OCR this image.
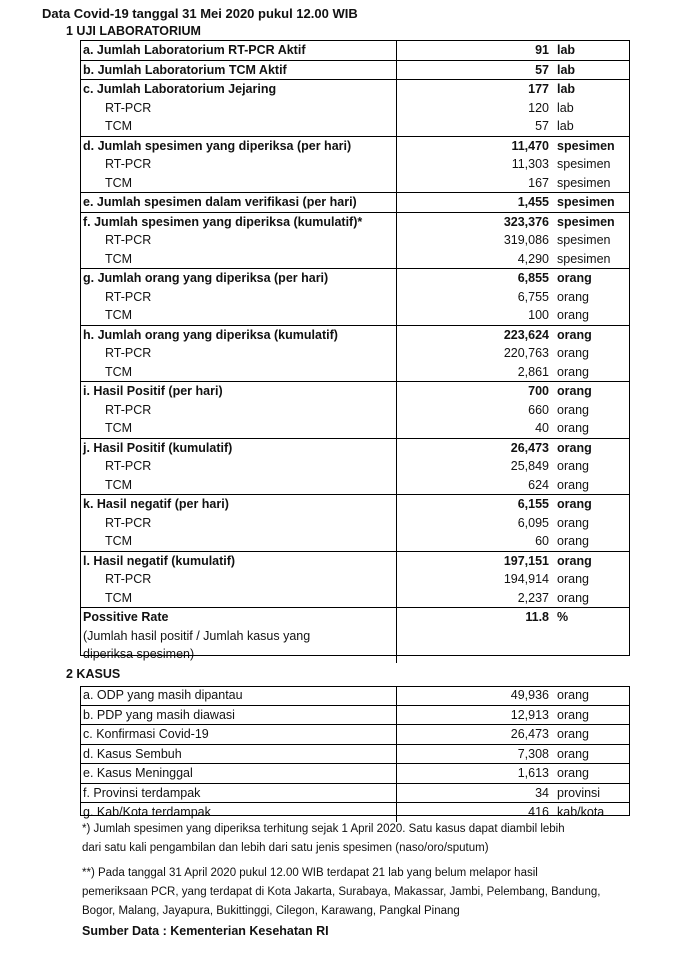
Data Covid-19 tanggal 31 Mei 2020 pukul 12.00 WIB
1 UJI LABORATORIUM
a. Jumlah Laboratorium RT-PCR Aktif	91	lab
b. Jumlah Laboratorium TCM Aktif	57	lab
c. Jumlah Laboratorium Jejaring	177	lab
RT-PCR	120	lab
TCM	57	lab
d. Jumlah spesimen yang diperiksa (per hari)	11,470	spesimen
RT-PCR	11,303	spesimen
TCM	167	spesimen
e. Jumlah spesimen dalam verifikasi (per hari)	1,455	spesimen
f. Jumlah spesimen yang diperiksa (kumulatif)*	323,376	spesimen
RT-PCR	319,086	spesimen
TCM	4,290	spesimen
g. Jumlah orang yang diperiksa (per hari)	6,855	orang
RT-PCR	6,755	orang
TCM	100	orang
h. Jumlah orang yang diperiksa (kumulatif)	223,624	orang
RT-PCR	220,763	orang
TCM	2,861	orang
i. Hasil Positif (per hari)	700	orang
RT-PCR	660	orang
TCM	40	orang
j. Hasil Positif (kumulatif)	26,473	orang
RT-PCR	25,849	orang
TCM	624	orang
k. Hasil negatif (per hari)	6,155	orang
RT-PCR	6,095	orang
TCM	60	orang
l. Hasil negatif (kumulatif)	197,151	orang
RT-PCR	194,914	orang
TCM	2,237	orang
Possitive Rate	11.8	%
(Jumlah hasil positif / Jumlah kasus yang		
diperiksa spesimen)		
2 KASUS
a. ODP yang masih dipantau	49,936	orang
b. PDP yang masih diawasi	12,913	orang
c. Konfirmasi Covid-19	26,473	orang
d. Kasus Sembuh	7,308	orang
e. Kasus Meninggal	1,613	orang
f. Provinsi terdampak	34	provinsi
g. Kab/Kota terdampak	416	kab/kota
*) Jumlah spesimen yang diperiksa terhitung sejak 1 April 2020. Satu kasus dapat diambil lebih
dari satu kali pengambilan dan lebih dari satu jenis spesimen (naso/oro/sputum)
**) Pada tanggal 31 April 2020 pukul 12.00 WIB terdapat 21 lab yang belum melapor hasil
pemeriksaan PCR, yang terdapat di Kota Jakarta, Surabaya, Makassar, Jambi, Pelembang, Bandung,
Bogor, Malang, Jayapura, Bukittinggi, Cilegon, Karawang, Pangkal Pinang
Sumber Data : Kementerian Kesehatan RI
